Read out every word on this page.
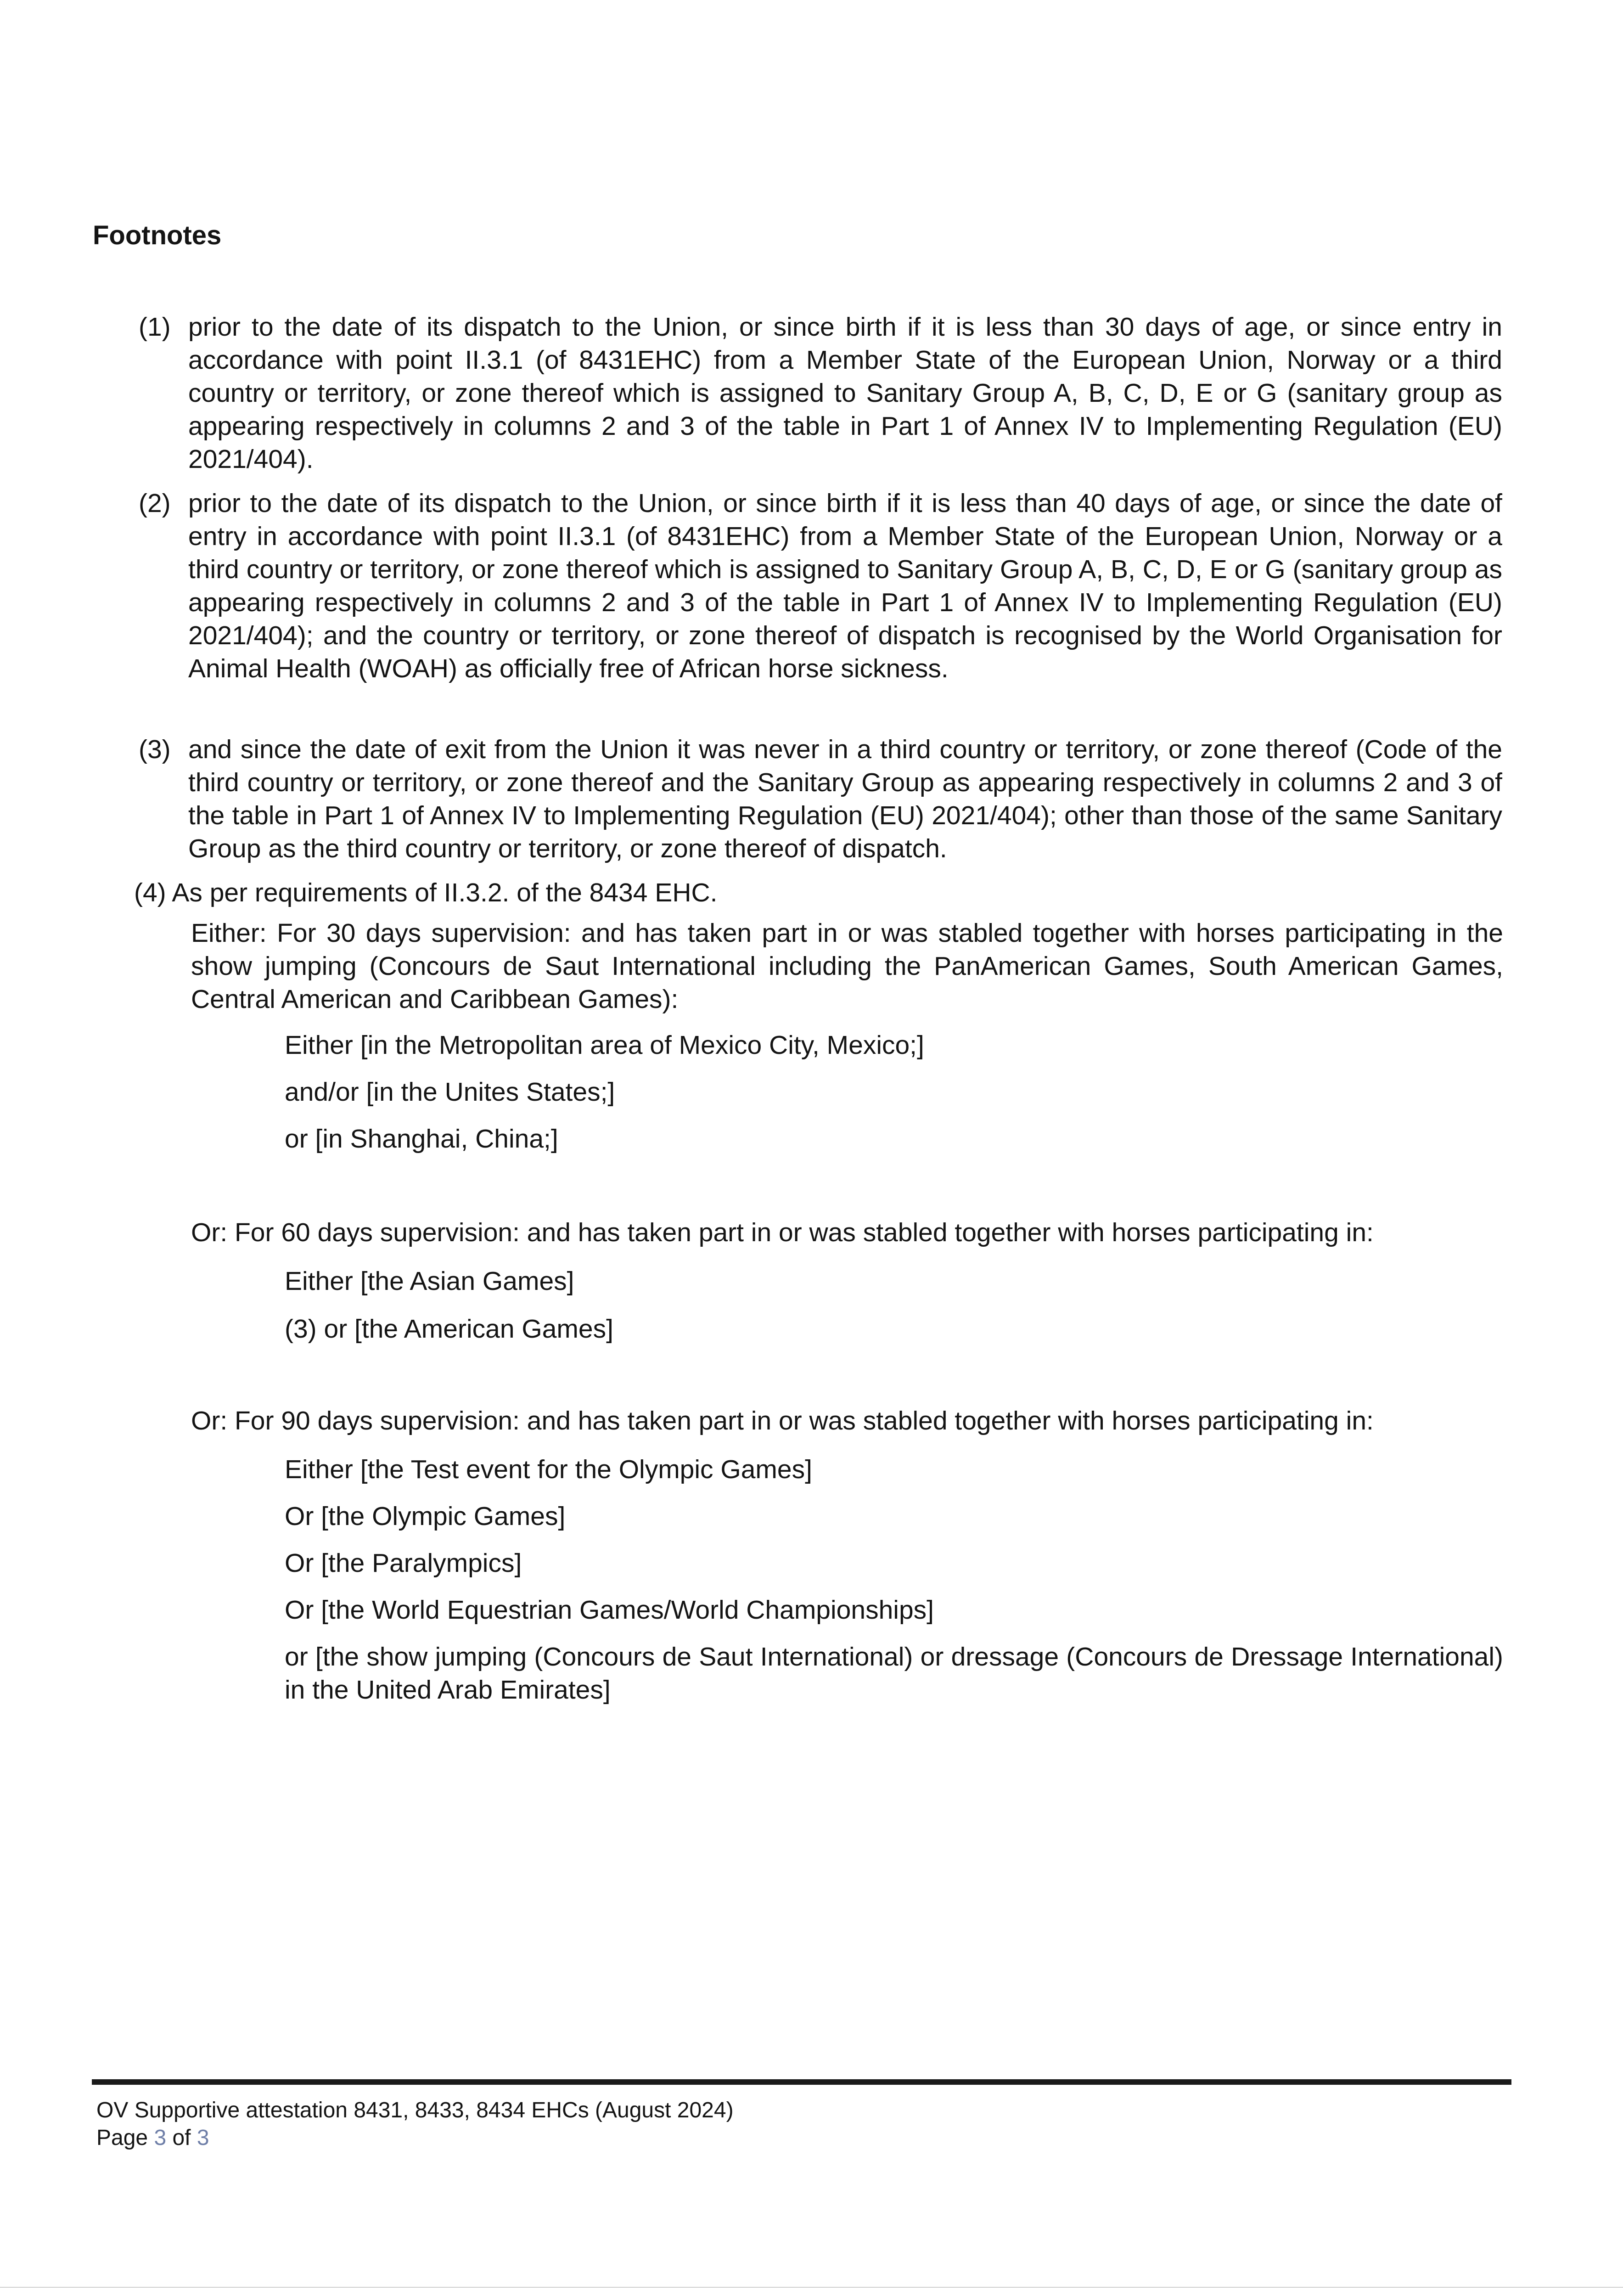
Footnotes
(1) prior to the date of its dispatch to the Union, or since birth if it is less than 30 days of age, or since entry in accordance with point II.3.1 (of 8431EHC) from a Member State of the European Union, Norway or a third country or territory, or zone thereof which is assigned to Sanitary Group A, B, C, D, E or G (sanitary group as appearing respectively in columns 2 and 3 of the table in Part 1 of Annex IV to Implementing Regulation (EU) 2021/404).
(2) prior to the date of its dispatch to the Union, or since birth if it is less than 40 days of age, or since the date of entry in accordance with point II.3.1 (of 8431EHC) from a Member State of the European Union, Norway or a third country or territory, or zone thereof which is assigned to Sanitary Group A, B, C, D, E or G (sanitary group as appearing respectively in columns 2 and 3 of the table in Part 1 of Annex IV to Implementing Regulation (EU) 2021/404); and the country or territory, or zone thereof of dispatch is recognised by the World Organisation for Animal Health (WOAH) as officially free of African horse sickness.
(3) and since the date of exit from the Union it was never in a third country or territory, or zone thereof (Code of the third country or territory, or zone thereof and the Sanitary Group as appearing respectively in columns 2 and 3 of the table in Part 1 of Annex IV to Implementing Regulation (EU) 2021/404); other than those of the same Sanitary Group as the third country or territory, or zone thereof of dispatch.
(4) As per requirements of II.3.2. of the 8434 EHC.
Either: For 30 days supervision: and has taken part in or was stabled together with horses participating in the show jumping (Concours de Saut International including the PanAmerican Games, South American Games, Central American and Caribbean Games):
Either [in the Metropolitan area of Mexico City, Mexico;]
and/or [in the Unites States;]
or [in Shanghai, China;]
Or: For 60 days supervision: and has taken part in or was stabled together with horses participating in:
Either [the Asian Games]
(3) or [the American Games]
Or: For 90 days supervision: and has taken part in or was stabled together with horses participating in:
Either [the Test event for the Olympic Games]
Or [the Olympic Games]
Or [the Paralympics]
Or [the World Equestrian Games/World Championships]
or [the show jumping (Concours de Saut International) or dressage (Concours de Dressage International) in the United Arab Emirates]
OV Supportive attestation 8431, 8433, 8434 EHCs (August 2024)
Page 3 of 3
